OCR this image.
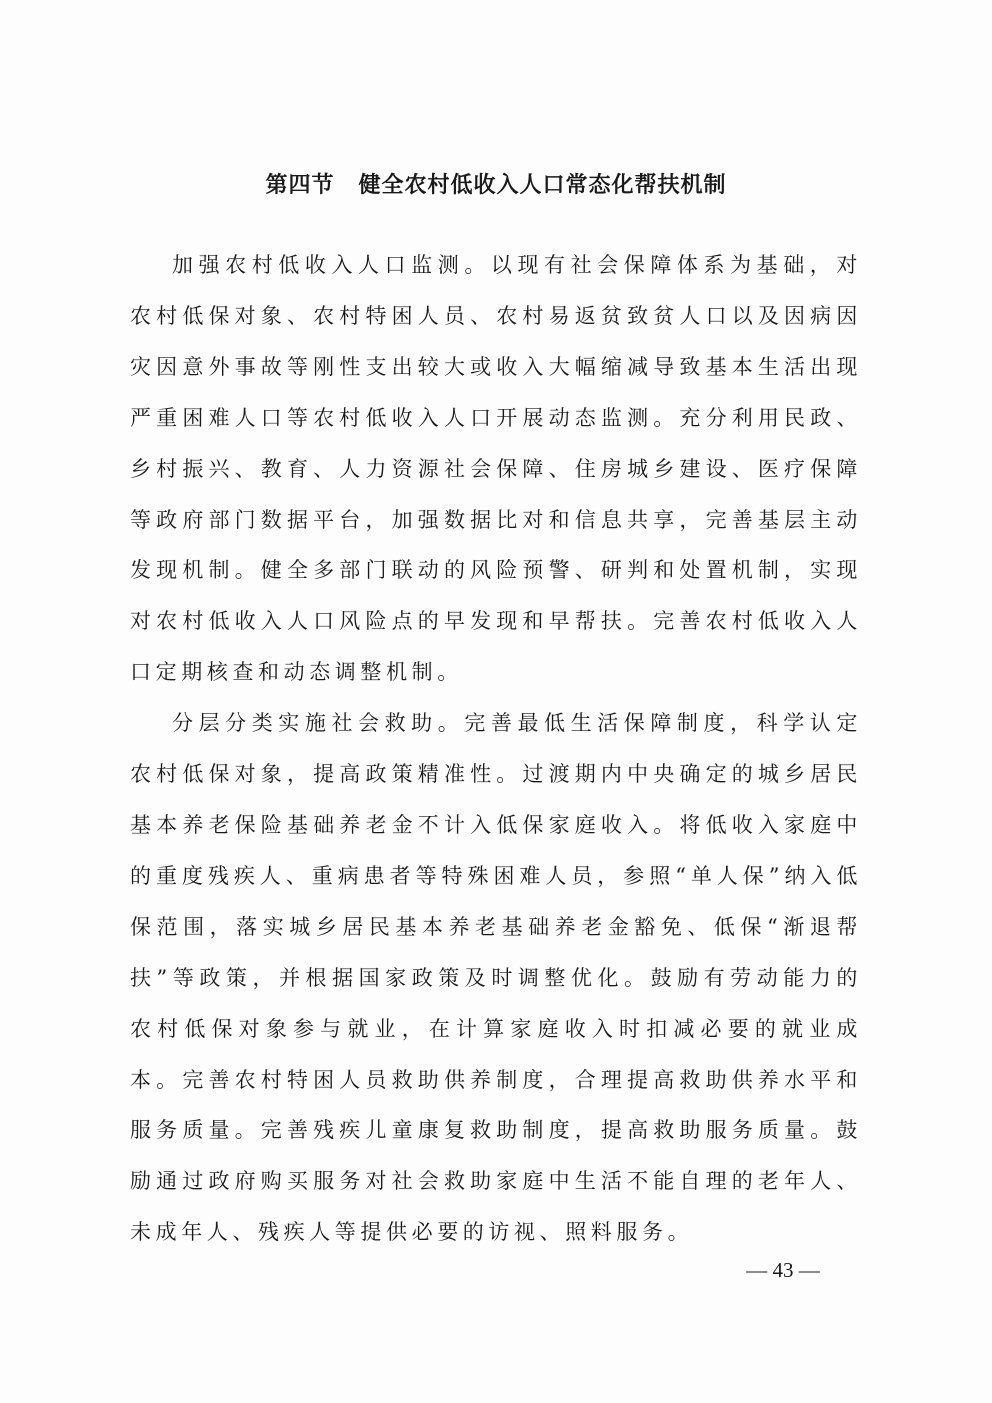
第四节 健全农村低收入人口常态化帮扶机制

加强农村低收入人口监测。以现有社会保障体系为基础，对农村低保对象、农村特困人员、农村易返贫致贫人口以及因病因灾因意外事故等刚性支出较大或收入大幅缩减导致基本生活出现严重困难人口等农村低收入人口开展动态监测。充分利用民政、乡村振兴、教育、人力资源社会保障、住房城乡建设、医疗保障等政府部门数据平台，加强数据比对和信息共享，完善基层主动发现机制。健全多部门联动的风险预警、研判和处置机制，实现对农村低收入人口风险点的早发现和早帮扶。完善农村低收入人口定期核查和动态调整机制。

分层分类实施社会救助。完善最低生活保障制度，科学认定农村低保对象，提高政策精准性。过渡期内中央确定的城乡居民基本养老保险基础养老金不计入低保家庭收入。将低收入家庭中的重度残疾人、重病患者等特殊困难人员，参照“单人保”纳入低保范围，落实城乡居民基本养老基础养老金豁免、低保“渐退帮扶”等政策，并根据国家政策及时调整优化。鼓励有劳动能力的农村低保对象参与就业，在计算家庭收入时扣减必要的就业成本。完善农村特困人员救助供养制度，合理提高救助供养水平和服务质量。完善残疾儿童康复救助制度，提高救助服务质量。鼓励通过政府购买服务对社会救助家庭中生活不能自理的老年人、未成年人、残疾人等提供必要的访视、照料服务。

— 43 —
